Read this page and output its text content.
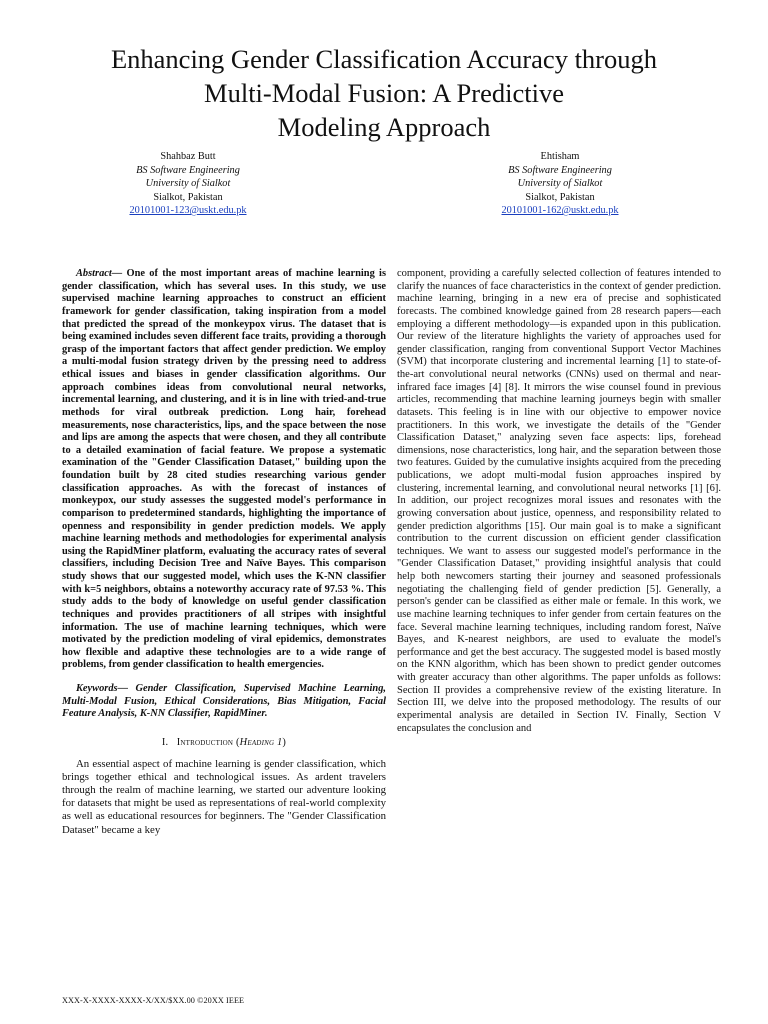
Enhancing Gender Classification Accuracy through
Multi-Modal Fusion: A Predictive
Modeling Approach
Shahbaz Butt
BS Software Engineering
University of Sialkot
Sialkot, Pakistan
20101001-123@uskt.edu.pk
Ehtisham
BS Software Engineering
University of Sialkot
Sialkot, Pakistan
20101001-162@uskt.edu.pk

Abstract— One of the most important areas of machine learning is gender classification, which has several uses. In this study, we use supervised machine learning approaches to construct an efficient framework for gender classification, taking inspiration from a model that predicted the spread of the monkeypox virus. The dataset that is being examined includes seven different face traits, providing a thorough grasp of the important factors that affect gender prediction. We employ a multi-modal fusion strategy driven by the pressing need to address ethical issues and biases in gender classification algorithms. Our approach combines ideas from convolutional neural networks, incremental learning, and clustering, and it is in line with tried-and-true methods for viral outbreak prediction. Long hair, forehead measurements, nose characteristics, lips, and the space between the nose and lips are among the aspects that were chosen, and they all contribute to a detailed examination of facial feature. We propose a systematic examination of the "Gender Classification Dataset," building upon the foundation built by 28 cited studies researching various gender classification approaches. As with the forecast of instances of monkeypox, our study assesses the suggested model's performance in comparison to predetermined standards, highlighting the importance of openness and responsibility in gender prediction models. We apply machine learning methods and methodologies for experimental analysis using the RapidMiner platform, evaluating the accuracy rates of several classifiers, including Decision Tree and Naïve Bayes. This comparison study shows that our suggested model, which uses the K-NN classifier with k=5 neighbors, obtains a noteworthy accuracy rate of 97.53 %. This study adds to the body of knowledge on useful gender classification techniques and provides practitioners of all stripes with insightful information. The use of machine learning techniques, which were motivated by the prediction modeling of viral epidemics, demonstrates how flexible and adaptive these technologies are to a wide range of problems, from gender classification to health emergencies.

Keywords— Gender Classification, Supervised Machine Learning, Multi-Modal Fusion, Ethical Considerations, Bias Mitigation, Facial Feature Analysis, K-NN Classifier, RapidMiner.

I. Introduction (Heading 1)

An essential aspect of machine learning is gender classification, which brings together ethical and technological issues. As ardent travelers through the realm of machine learning, we started our adventure looking for datasets that might be used as representations of real-world complexity as well as educational resources for beginners. The "Gender Classification Dataset" became a key

component, providing a carefully selected collection of features intended to clarify the nuances of face characteristics in the context of gender prediction. machine learning, bringing in a new era of precise and sophisticated forecasts. The combined knowledge gained from 28 research papers—each employing a different methodology—is expanded upon in this publication. Our review of the literature highlights the variety of approaches used for gender classification, ranging from conventional Support Vector Machines (SVM) that incorporate clustering and incremental learning [1] to state-of-the-art convolutional neural networks (CNNs) used on thermal and near-infrared face images [4] [8]. It mirrors the wise counsel found in previous articles, recommending that machine learning journeys begin with smaller datasets. This feeling is in line with our objective to empower novice practitioners. In this work, we investigate the details of the "Gender Classification Dataset," analyzing seven face aspects: lips, forehead dimensions, nose characteristics, long hair, and the separation between those two features. Guided by the cumulative insights acquired from the preceding publications, we adopt multi-modal fusion approaches inspired by clustering, incremental learning, and convolutional neural networks [1] [6]. In addition, our project recognizes moral issues and resonates with the growing conversation about justice, openness, and responsibility related to gender prediction algorithms [15]. Our main goal is to make a significant contribution to the current discussion on efficient gender classification techniques. We want to assess our suggested model's performance in the "Gender Classification Dataset," providing insightful analysis that could help both newcomers starting their journey and seasoned professionals negotiating the challenging field of gender prediction [5]. Generally, a person's gender can be classified as either male or female. In this work, we use machine learning techniques to infer gender from certain features on the face. Several machine learning techniques, including random forest, Naïve Bayes, and K-nearest neighbors, are used to evaluate the model's performance and get the best accuracy. The suggested model is based mostly on the KNN algorithm, which has been shown to predict gender outcomes with greater accuracy than other algorithms. The paper unfolds as follows: Section II provides a comprehensive review of the existing literature. In Section III, we delve into the proposed methodology. The results of our experimental analysis are detailed in Section IV. Finally, Section V encapsulates the conclusion and

XXX-X-XXXX-XXXX-X/XX/$XX.00 ©20XX IEEE
